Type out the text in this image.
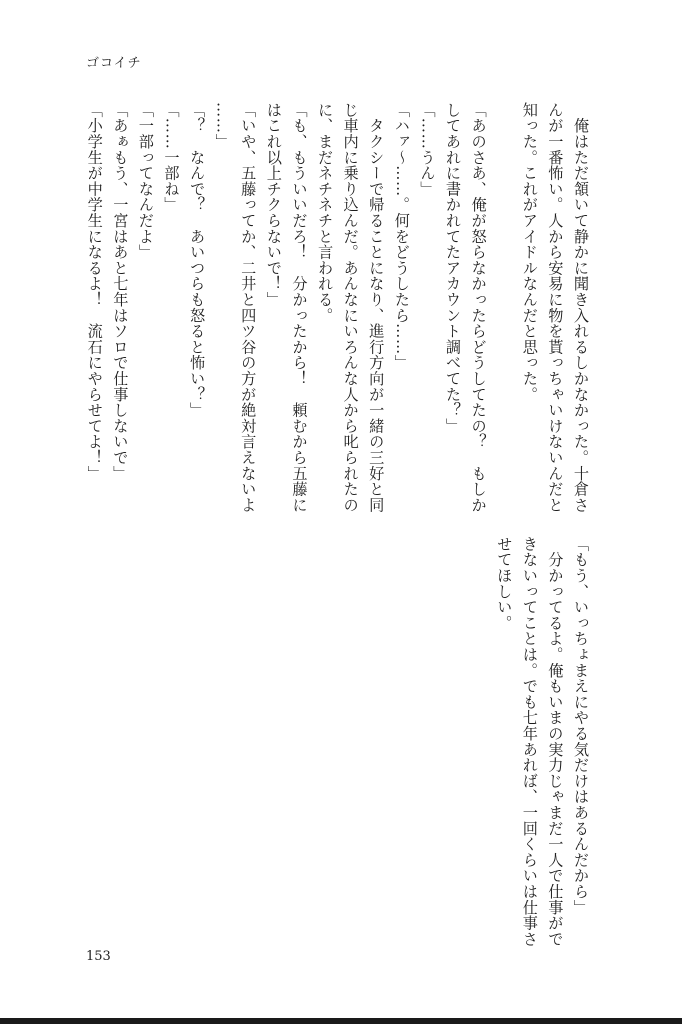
ゴコイチ

　俺はただ頷いて静かに聞き入れるしかなかった。十倉さ

んが一番怖い。人から安易に物を貰っちゃいけないんだと

知った。これがアイドルなんだと思った。

「あのさあ、俺が怒らなかったらどうしてたの？　もしか

してあれに書かれてたアカウント調べてた？」

「……うん」

「ハァ〜……。何をどうしたら……」

　タクシーで帰ることになり、進行方向が一緒の三好と同

じ車内に乗り込んだ。あんなにいろんな人から叱られたの

に、まだネチネチと言われる。

「も、もういいだろ！　分かったから！　頼むから五藤に

はこれ以上チクらないで！」

「いや、五藤ってか、二井と四ツ谷の方が絶対言えないよ

……」

「？　なんで？　あいつらも怒ると怖い？」

「……一部ね」

「一部ってなんだよ」

「あぁもう、一宮はあと七年はソロで仕事しないで」

「小学生が中学生になるよ！　流石にやらせてよ！」

「もう、いっちょまえにやる気だけはあるんだから」

　分かってるよ。俺もいまの実力じゃまだ一人で仕事がで

きないってことは。でも七年あれば、一回くらいは仕事さ

せてほしい。

153
